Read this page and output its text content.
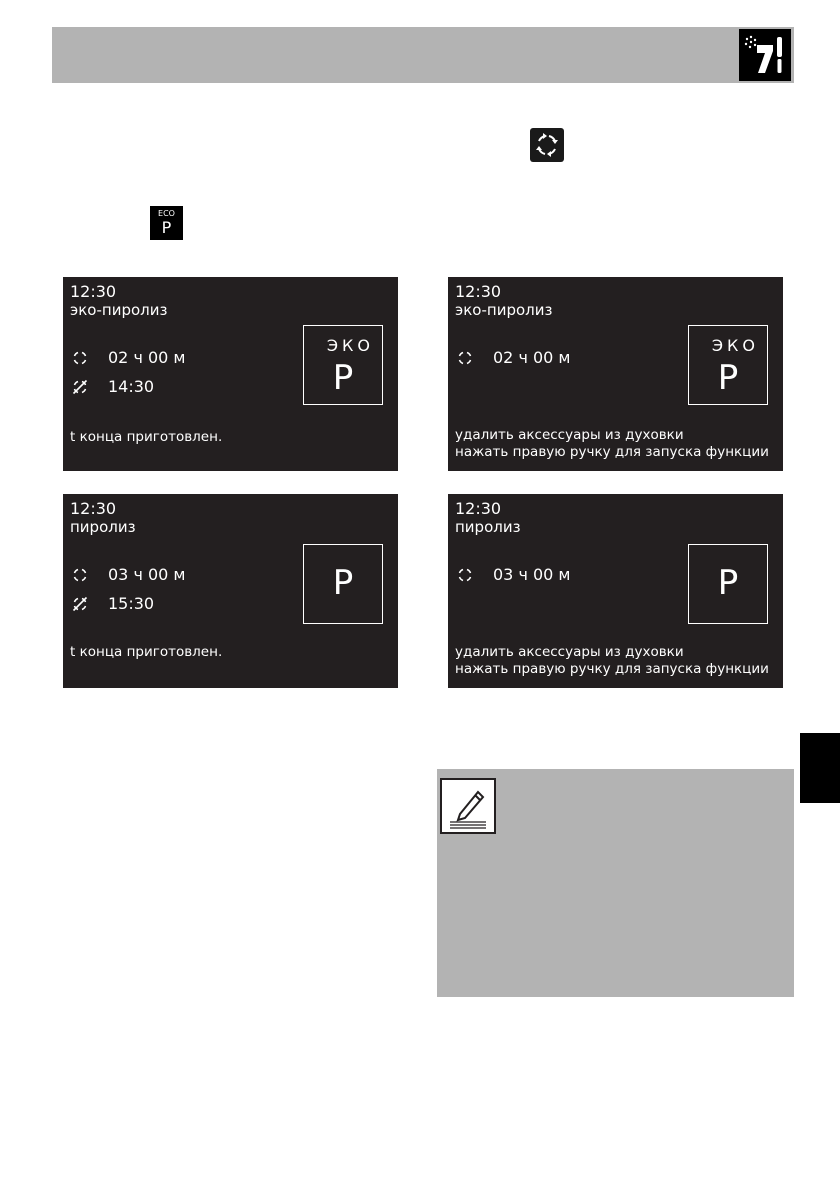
ECO
P
12:30
эко-пиролиз
02 ч 00 м
14:30
t конца приготовлен.
ЭКО
P
12:30
эко-пиролиз
02 ч 00 м
удалить аксессуары из духовки
нажать правую ручку для запуска функции
ЭКО
P
12:30
пиролиз
03 ч 00 м
15:30
t конца приготовлен.
P
12:30
пиролиз
03 ч 00 м
удалить аксессуары из духовки
нажать правую ручку для запуска функции
P
